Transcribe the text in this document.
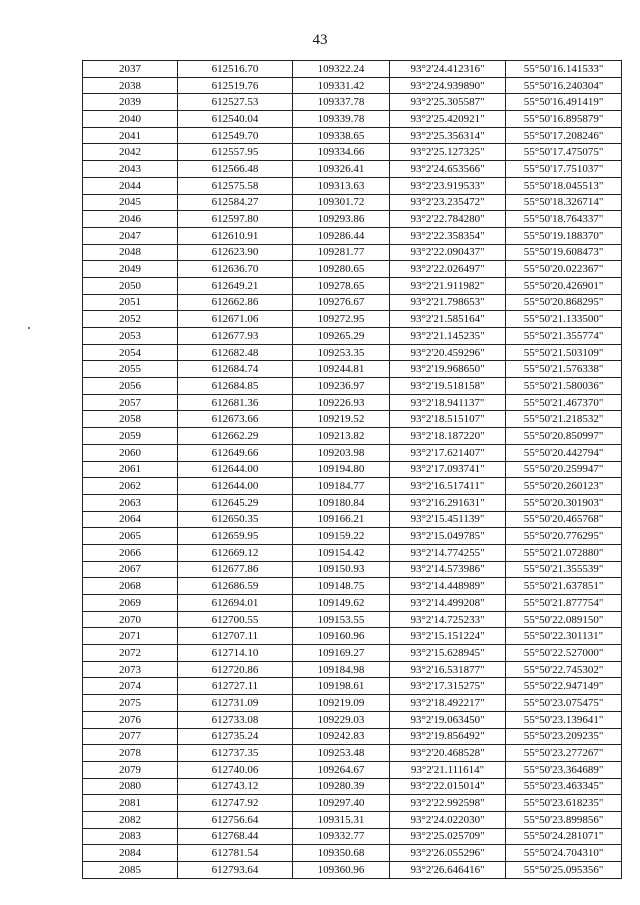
43
2037	612516.70	109322.24	93°2'24.412316"	55°50'16.141533"
2038	612519.76	109331.42	93°2'24.939890"	55°50'16.240304"
2039	612527.53	109337.78	93°2'25.305587"	55°50'16.491419"
2040	612540.04	109339.78	93°2'25.420921"	55°50'16.895879"
2041	612549.70	109338.65	93°2'25.356314"	55°50'17.208246"
2042	612557.95	109334.66	93°2'25.127325"	55°50'17.475075"
2043	612566.48	109326.41	93°2'24.653566"	55°50'17.751037"
2044	612575.58	109313.63	93°2'23.919533"	55°50'18.045513"
2045	612584.27	109301.72	93°2'23.235472"	55°50'18.326714"
2046	612597.80	109293.86	93°2'22.784280"	55°50'18.764337"
2047	612610.91	109286.44	93°2'22.358354"	55°50'19.188370"
2048	612623.90	109281.77	93°2'22.090437"	55°50'19.608473"
2049	612636.70	109280.65	93°2'22.026497"	55°50'20.022367"
2050	612649.21	109278.65	93°2'21.911982"	55°50'20.426901"
2051	612662.86	109276.67	93°2'21.798653"	55°50'20.868295"
2052	612671.06	109272.95	93°2'21.585164"	55°50'21.133500"
2053	612677.93	109265.29	93°2'21.145235"	55°50'21.355774"
2054	612682.48	109253.35	93°2'20.459296"	55°50'21.503109"
2055	612684.74	109244.81	93°2'19.968650"	55°50'21.576338"
2056	612684.85	109236.97	93°2'19.518158"	55°50'21.580036"
2057	612681.36	109226.93	93°2'18.941137"	55°50'21.467370"
2058	612673.66	109219.52	93°2'18.515107"	55°50'21.218532"
2059	612662.29	109213.82	93°2'18.187220"	55°50'20.850997"
2060	612649.66	109203.98	93°2'17.621407"	55°50'20.442794"
2061	612644.00	109194.80	93°2'17.093741"	55°50'20.259947"
2062	612644.00	109184.77	93°2'16.517411"	55°50'20.260123"
2063	612645.29	109180.84	93°2'16.291631"	55°50'20.301903"
2064	612650.35	109166.21	93°2'15.451139"	55°50'20.465768"
2065	612659.95	109159.22	93°2'15.049785"	55°50'20.776295"
2066	612669.12	109154.42	93°2'14.774255"	55°50'21.072880"
2067	612677.86	109150.93	93°2'14.573986"	55°50'21.355539"
2068	612686.59	109148.75	93°2'14.448989"	55°50'21.637851"
2069	612694.01	109149.62	93°2'14.499208"	55°50'21.877754"
2070	612700.55	109153.55	93°2'14.725233"	55°50'22.089150"
2071	612707.11	109160.96	93°2'15.151224"	55°50'22.301131"
2072	612714.10	109169.27	93°2'15.628945"	55°50'22.527000"
2073	612720.86	109184.98	93°2'16.531877"	55°50'22.745302"
2074	612727.11	109198.61	93°2'17.315275"	55°50'22.947149"
2075	612731.09	109219.09	93°2'18.492217"	55°50'23.075475"
2076	612733.08	109229.03	93°2'19.063450"	55°50'23.139641"
2077	612735.24	109242.83	93°2'19.856492"	55°50'23.209235"
2078	612737.35	109253.48	93°2'20.468528"	55°50'23.277267"
2079	612740.06	109264.67	93°2'21.111614"	55°50'23.364689"
2080	612743.12	109280.39	93°2'22.015014"	55°50'23.463345"
2081	612747.92	109297.40	93°2'22.992598"	55°50'23.618235"
2082	612756.64	109315.31	93°2'24.022030"	55°50'23.899856"
2083	612768.44	109332.77	93°2'25.025709"	55°50'24.281071"
2084	612781.54	109350.68	93°2'26.055296"	55°50'24.704310"
2085	612793.64	109360.96	93°2'26.646416"	55°50'25.095356"
